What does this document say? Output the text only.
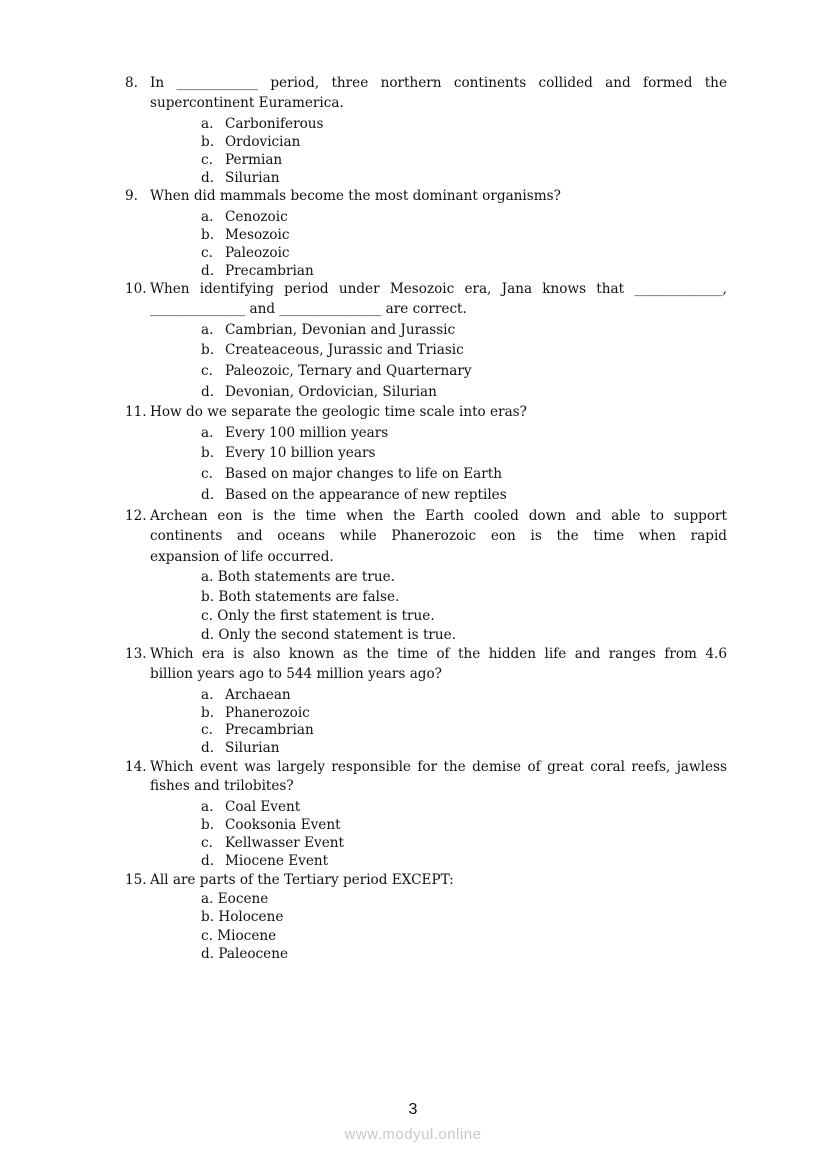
8. In ____________ period, three northern continents collided and formed the
supercontinent Euramerica.
a. Carboniferous
b. Ordovician
c. Permian
d. Silurian
9. When did mammals become the most dominant organisms?
a. Cenozoic
b. Mesozoic
c. Paleozoic
d. Precambrian
10. When identifying period under Mesozoic era, Jana knows that _____________,
______________ and _______________ are correct.
a. Cambrian, Devonian and Jurassic
b. Createaceous, Jurassic and Triasic
c. Paleozoic, Ternary and Quarternary
d. Devonian, Ordovician, Silurian
11. How do we separate the geologic time scale into eras?
a. Every 100 million years
b. Every 10 billion years
c. Based on major changes to life on Earth
d. Based on the appearance of new reptiles
12. Archean eon is the time when the Earth cooled down and able to support
continents and oceans while Phanerozoic eon is the time when rapid
expansion of life occurred.
a. Both statements are true.
b. Both statements are false.
c. Only the first statement is true.
d. Only the second statement is true.
13. Which era is also known as the time of the hidden life and ranges from 4.6
billion years ago to 544 million years ago?
a. Archaean
b. Phanerozoic
c. Precambrian
d. Silurian
14. Which event was largely responsible for the demise of great coral reefs, jawless
fishes and trilobites?
a. Coal Event
b. Cooksonia Event
c. Kellwasser Event
d. Miocene Event
15. All are parts of the Tertiary period EXCEPT:
a. Eocene
b. Holocene
c. Miocene
d. Paleocene
3
www.modyul.online
